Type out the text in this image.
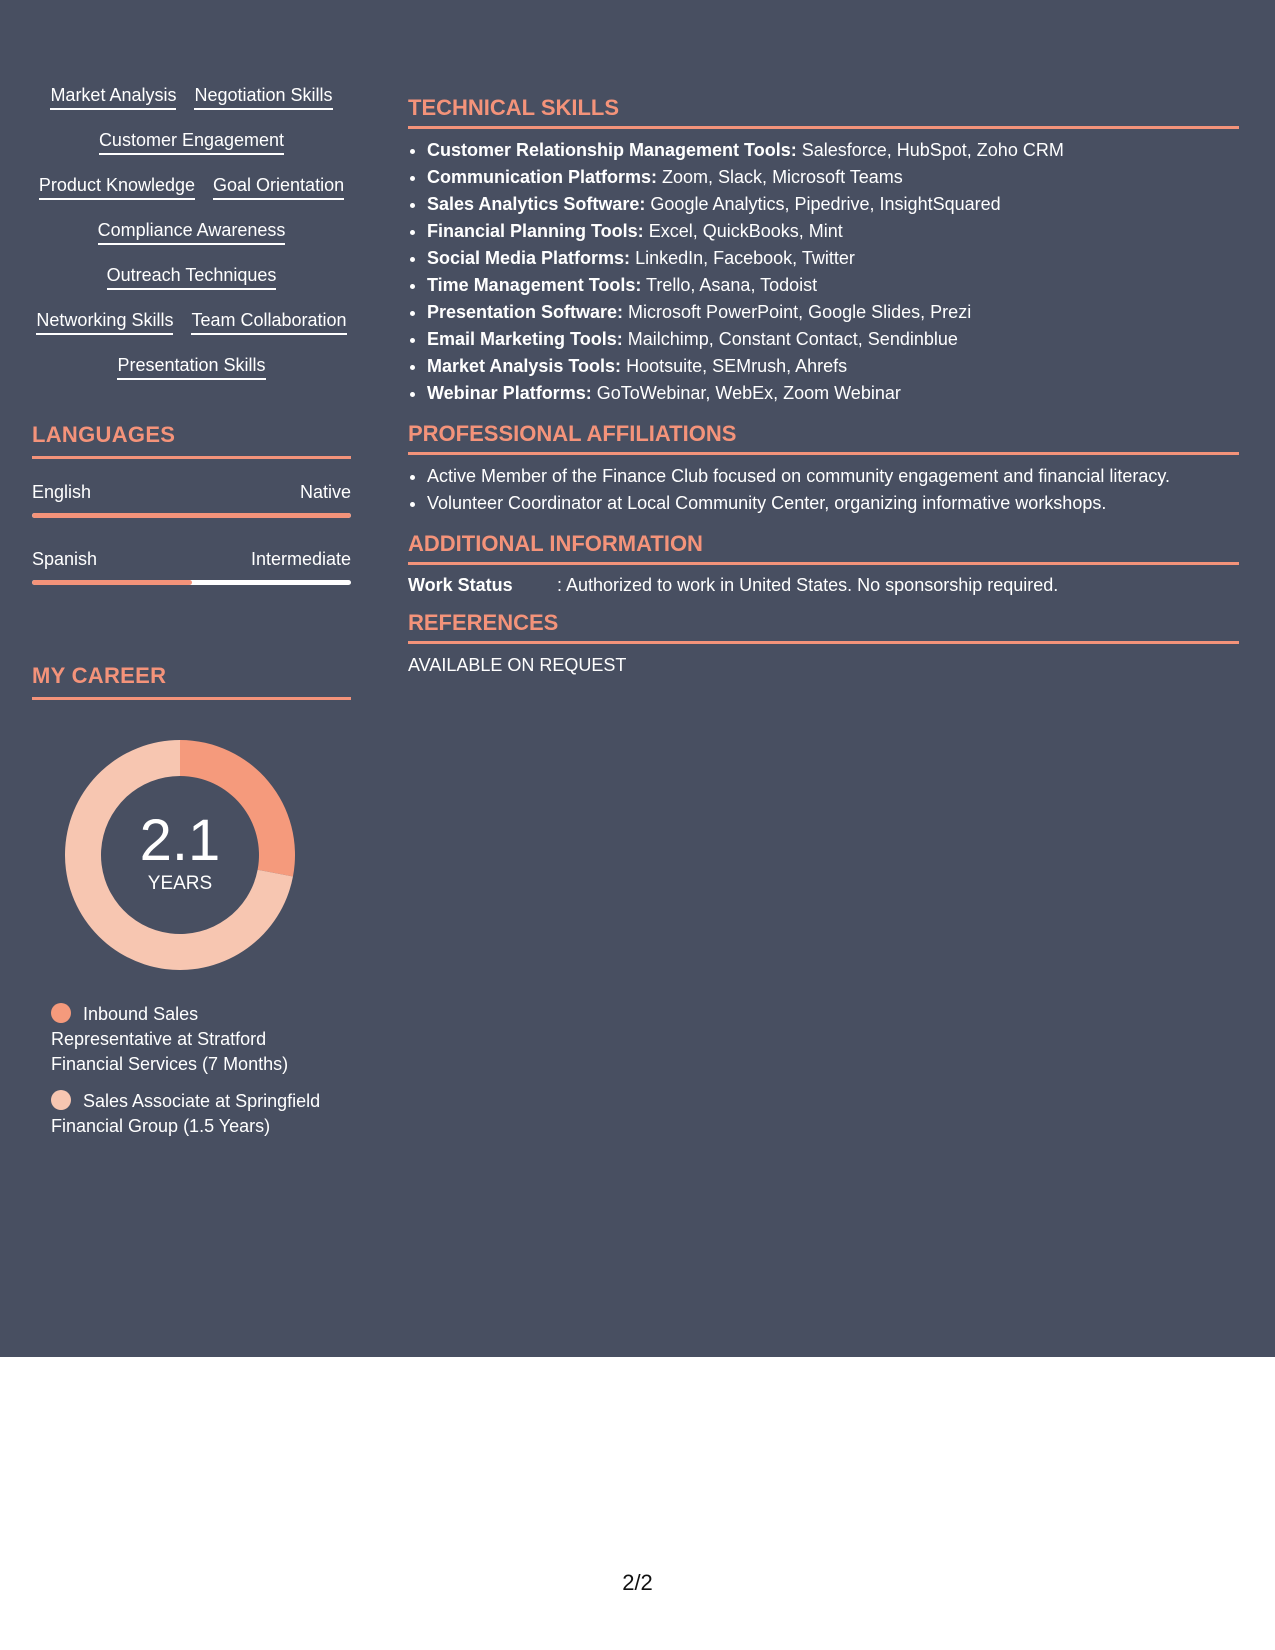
Market Analysis Negotiation Skills
Customer Engagement
Product Knowledge Goal Orientation
Compliance Awareness
Outreach Techniques
Networking Skills Team Collaboration
Presentation Skills
LANGUAGES
English	Native
Spanish	Intermediate
MY CAREER
2.1
YEARS
Inbound Sales Representative at Stratford Financial Services (7 Months)
Sales Associate at Springfield Financial Group (1.5 Years)
TECHNICAL SKILLS
• Customer Relationship Management Tools: Salesforce, HubSpot, Zoho CRM
• Communication Platforms: Zoom, Slack, Microsoft Teams
• Sales Analytics Software: Google Analytics, Pipedrive, InsightSquared
• Financial Planning Tools: Excel, QuickBooks, Mint
• Social Media Platforms: LinkedIn, Facebook, Twitter
• Time Management Tools: Trello, Asana, Todoist
• Presentation Software: Microsoft PowerPoint, Google Slides, Prezi
• Email Marketing Tools: Mailchimp, Constant Contact, Sendinblue
• Market Analysis Tools: Hootsuite, SEMrush, Ahrefs
• Webinar Platforms: GoToWebinar, WebEx, Zoom Webinar
PROFESSIONAL AFFILIATIONS
• Active Member of the Finance Club focused on community engagement and financial literacy.
• Volunteer Coordinator at Local Community Center, organizing informative workshops.
ADDITIONAL INFORMATION
Work Status	: Authorized to work in United States. No sponsorship required.
REFERENCES
AVAILABLE ON REQUEST
2/2
